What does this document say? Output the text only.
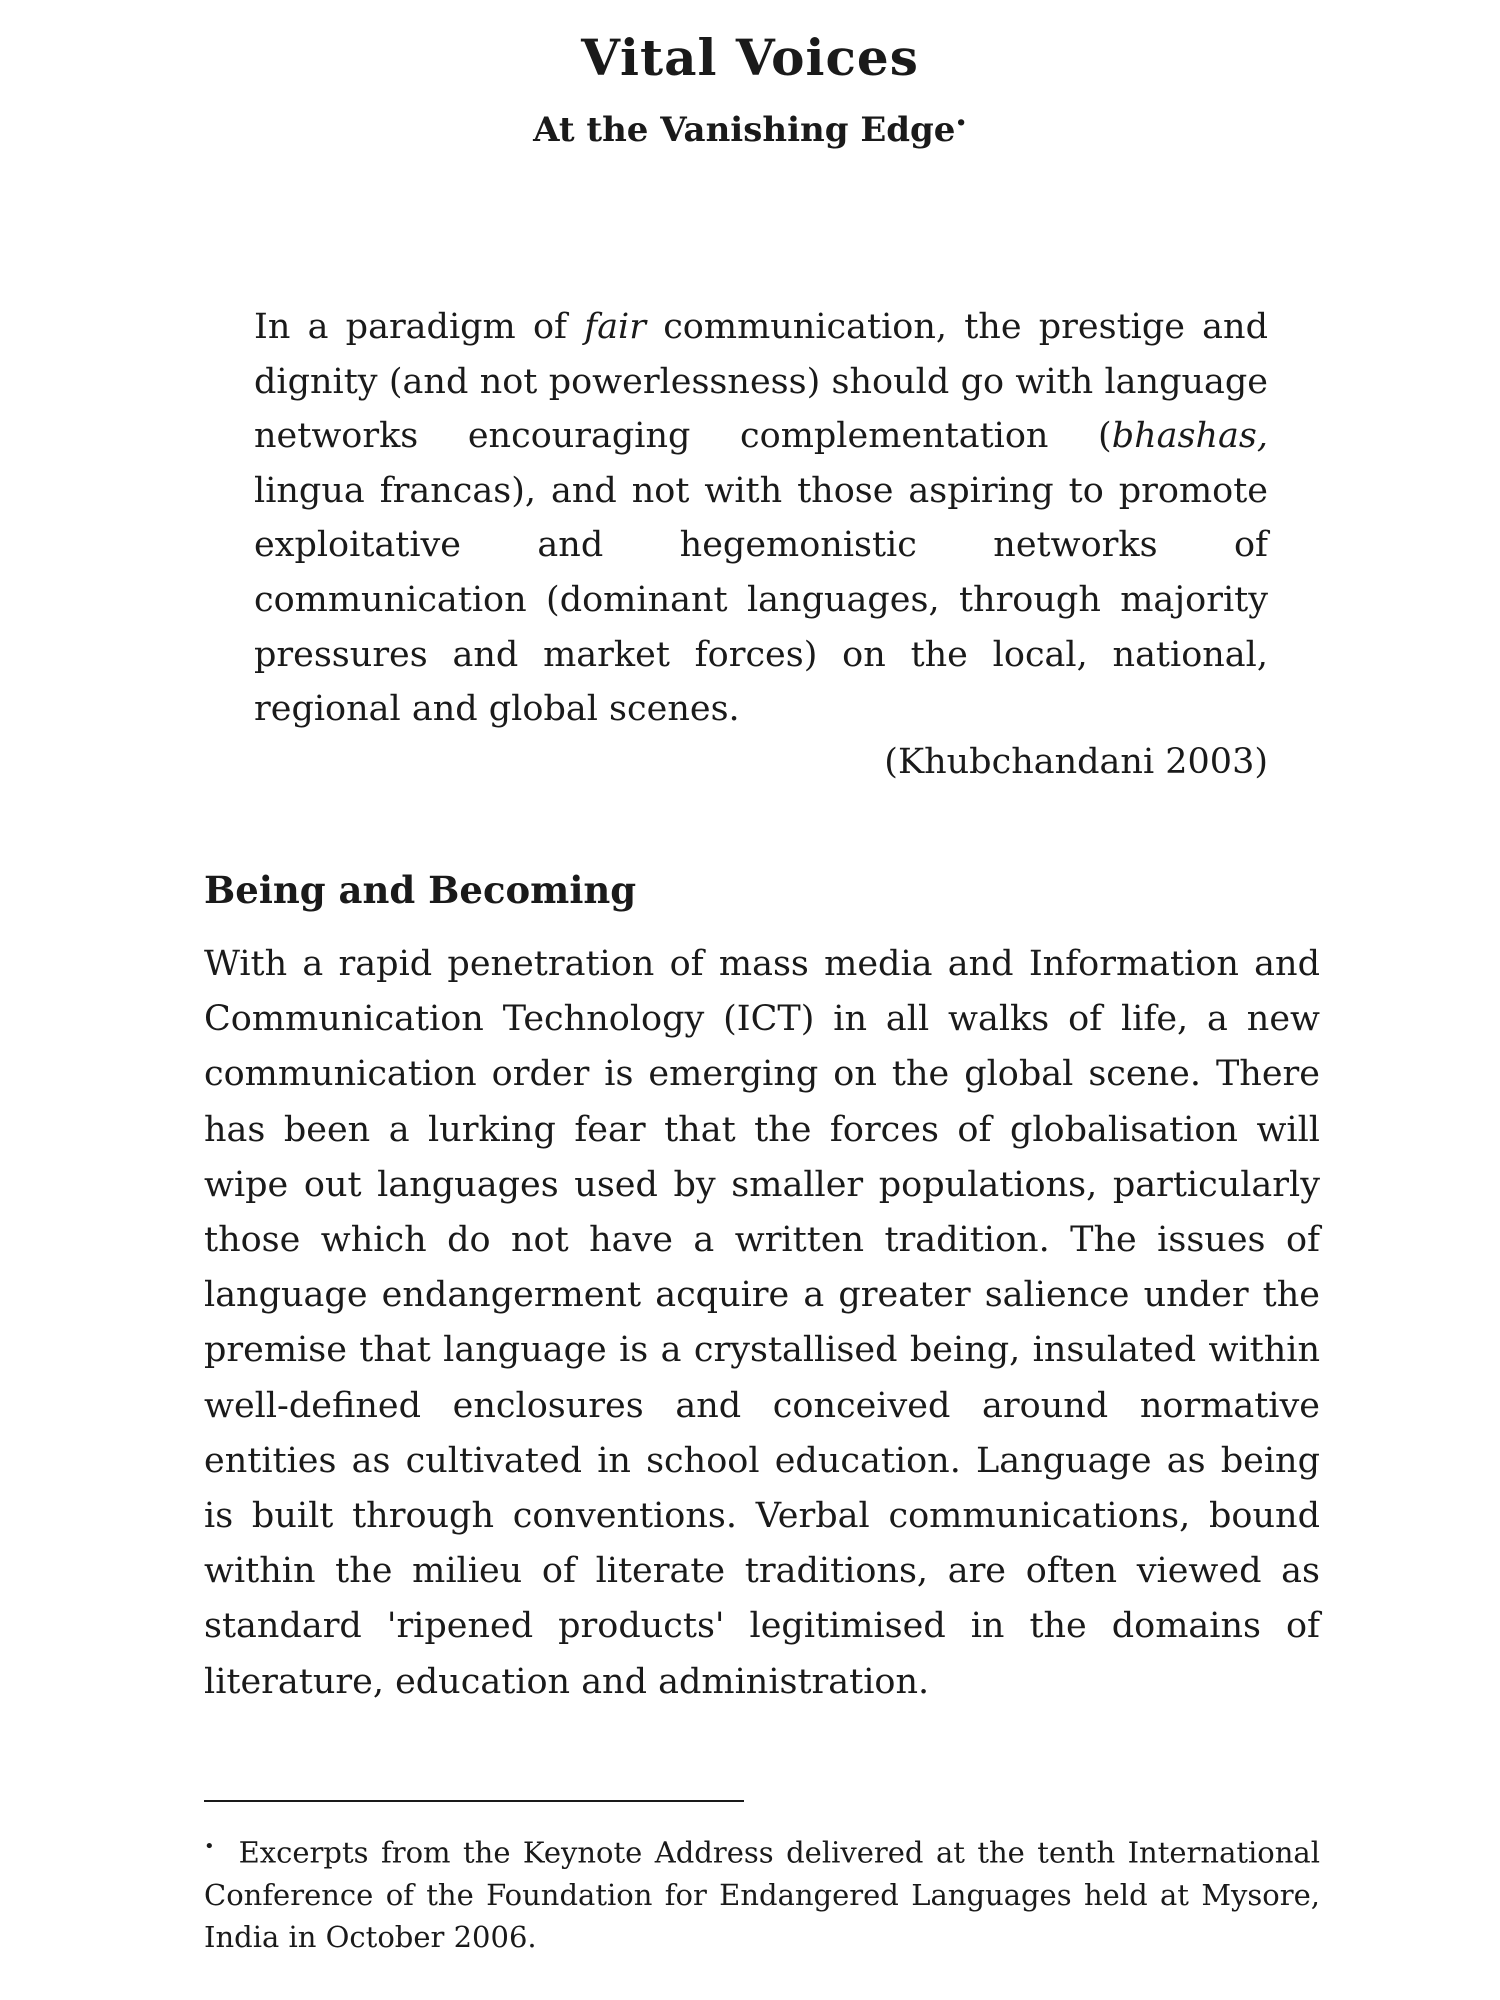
Vital Voices
At the Vanishing Edge•

In a paradigm of fair communication, the prestige and dignity (and not powerlessness) should go with language networks encouraging complementation (bhashas, lingua francas), and not with those aspiring to promote exploitative and hegemonistic networks of communication (dominant languages, through majority pressures and market forces) on the local, national, regional and global scenes.

(Khubchandani 2003)

Being and Becoming

With a rapid penetration of mass media and Information and Communication Technology (ICT) in all walks of life, a new communication order is emerging on the global scene. There has been a lurking fear that the forces of globalisation will wipe out languages used by smaller populations, particularly those which do not have a written tradition. The issues of language endangerment acquire a greater salience under the premise that language is a crystallised being, insulated within well-defined enclosures and conceived around normative entities as cultivated in school education. Language as being is built through conventions. Verbal communications, bound within the milieu of literate traditions, are often viewed as standard 'ripened products' legitimised in the domains of literature, education and administration.

• Excerpts from the Keynote Address delivered at the tenth International Conference of the Foundation for Endangered Languages held at Mysore, India in October 2006.
